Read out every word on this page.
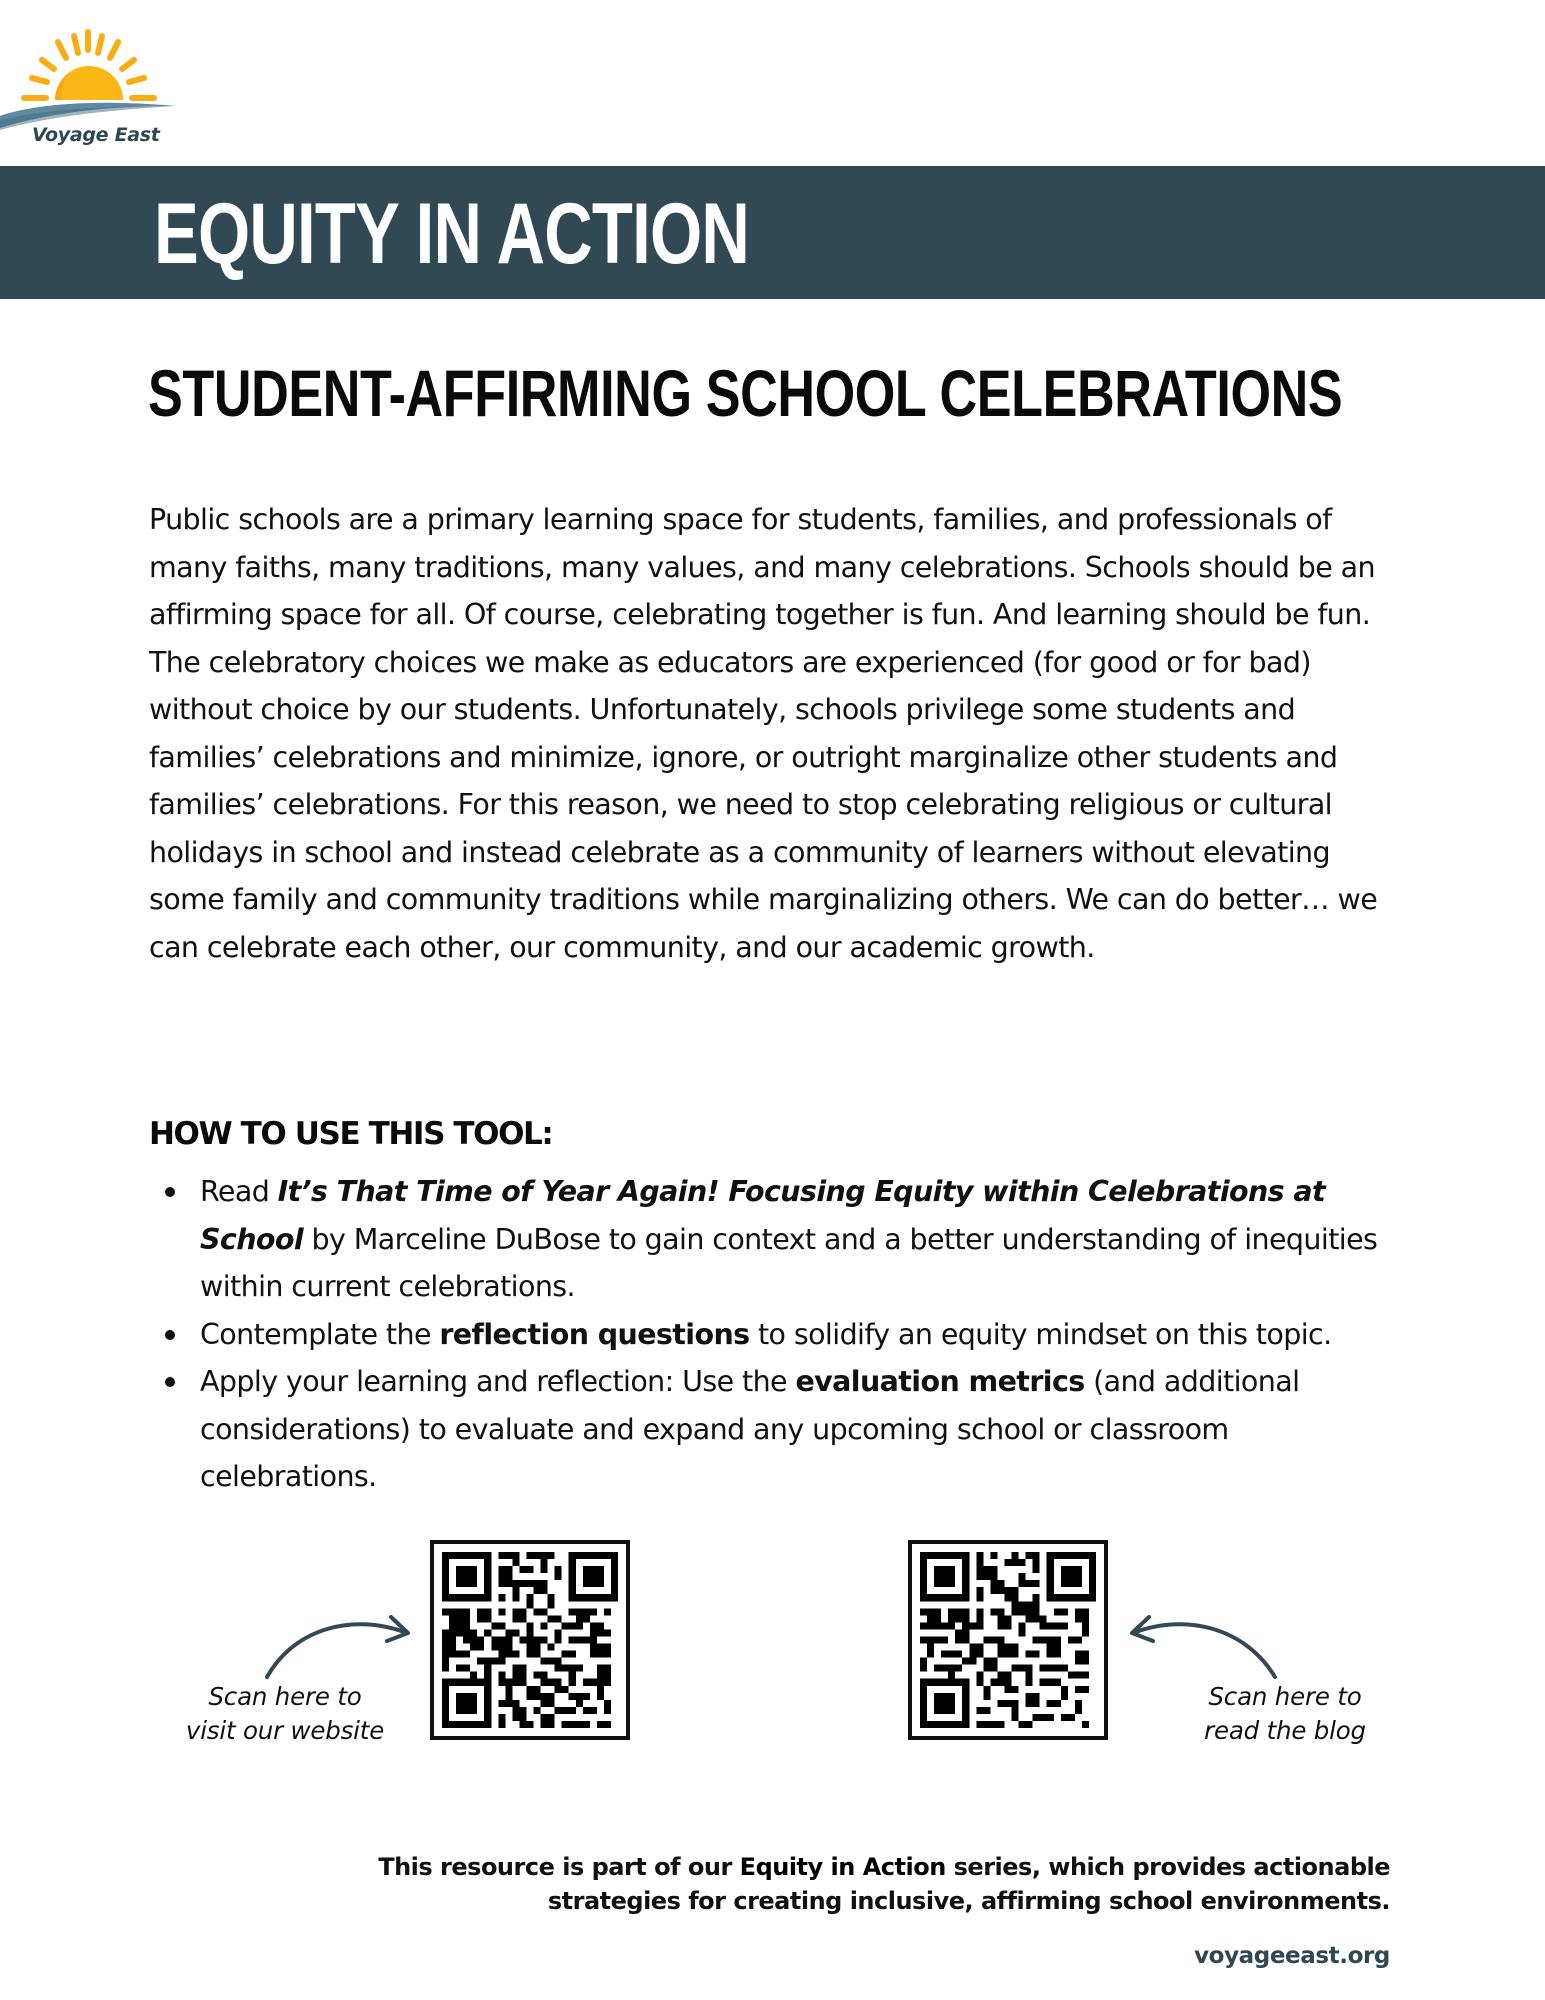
Voyage East
EQUITY IN ACTION
STUDENT-AFFIRMING SCHOOL CELEBRATIONS

Public schools are a primary learning space for students, families, and professionals of many faiths, many traditions, many values, and many celebrations. Schools should be an affirming space for all. Of course, celebrating together is fun. And learning should be fun. The celebratory choices we make as educators are experienced (for good or for bad) without choice by our students. Unfortunately, schools privilege some students and families’ celebrations and minimize, ignore, or outright marginalize other students and families’ celebrations. For this reason, we need to stop celebrating religious or cultural holidays in school and instead celebrate as a community of learners without elevating some family and community traditions while marginalizing others. We can do better… we can celebrate each other, our community, and our academic growth.

HOW TO USE THIS TOOL:
Read It’s That Time of Year Again! Focusing Equity within Celebrations at School by Marceline DuBose to gain context and a better understanding of inequities within current celebrations.
Contemplate the reflection questions to solidify an equity mindset on this topic.
Apply your learning and reflection: Use the evaluation metrics (and additional considerations) to evaluate and expand any upcoming school or classroom celebrations.
Scan here to
visit our website
Scan here to
read the blog

This resource is part of our Equity in Action series, which provides actionable strategies for creating inclusive, affirming school environments.

voyageeast.org
